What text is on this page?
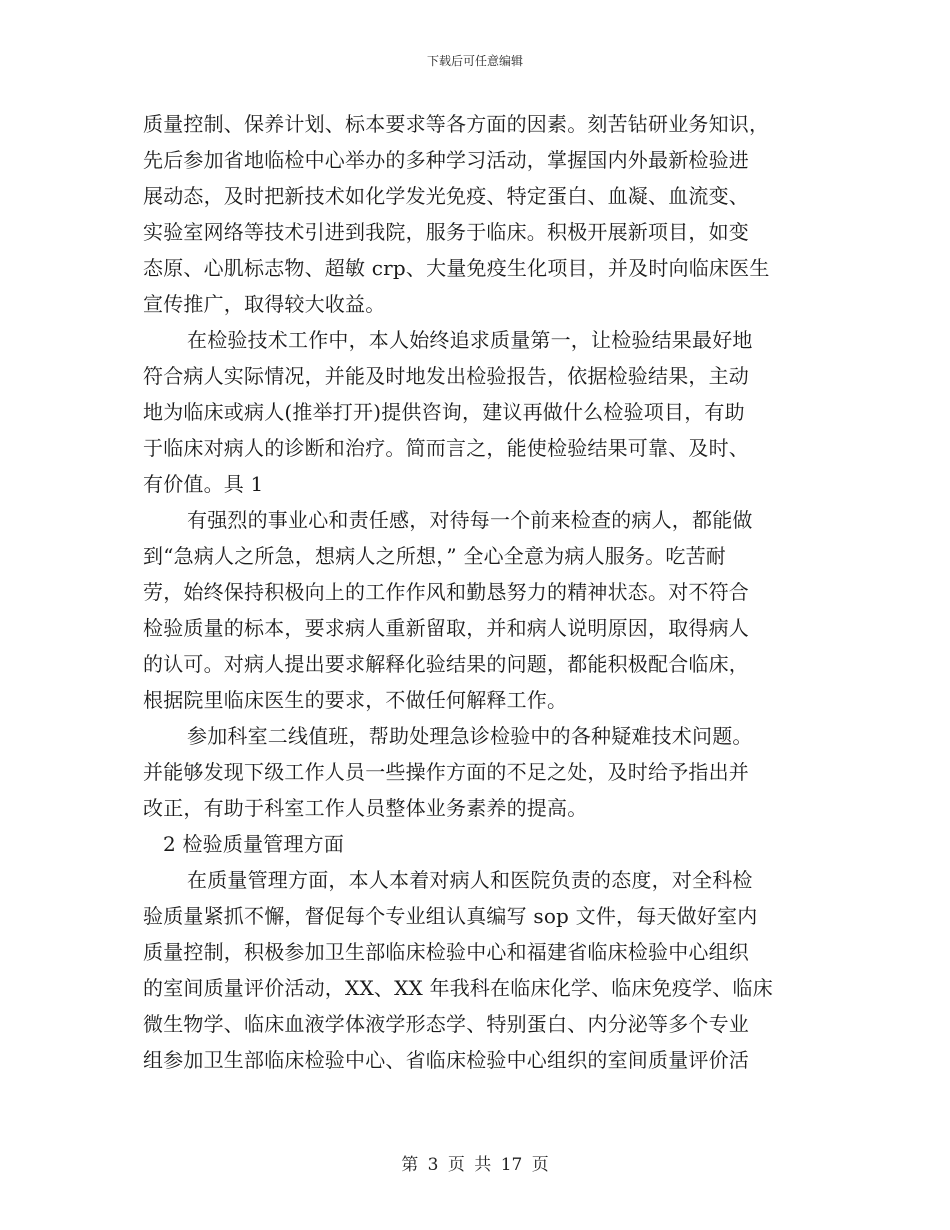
下载后可任意编辑
质量控制、保养计划、标本要求等各方面的因素。刻苦钻研业务知识，
先后参加省地临检中心举办的多种学习活动，掌握国内外最新检验进
展动态，及时把新技术如化学发光免疫、特定蛋白、血凝、血流变、
实验室网络等技术引进到我院，服务于临床。积极开展新项目，如变
态原、心肌标志物、超敏 crp、大量免疫生化项目，并及时向临床医生
宣传推广，取得较大收益。
在检验技术工作中，本人始终追求质量第一，让检验结果最好地
符合病人实际情况，并能及时地发出检验报告，依据检验结果，主动
地为临床或病人(推举打开)提供咨询，建议再做什么检验项目，有助
于临床对病人的诊断和治疗。简而言之，能使检验结果可靠、及时、
有价值。具 1
有强烈的事业心和责任感，对待每一个前来检查的病人，都能做
到“急病人之所急，想病人之所想，” 全心全意为病人服务。吃苦耐
劳，始终保持积极向上的工作作风和勤恳努力的精神状态。对不符合
检验质量的标本，要求病人重新留取，并和病人说明原因，取得病人
的认可。对病人提出要求解释化验结果的问题，都能积极配合临床，
根据院里临床医生的要求，不做任何解释工作。
参加科室二线值班，帮助处理急诊检验中的各种疑难技术问题。
并能够发现下级工作人员一些操作方面的不足之处，及时给予指出并
改正，有助于科室工作人员整体业务素养的提高。
2 检验质量管理方面
在质量管理方面，本人本着对病人和医院负责的态度，对全科检
验质量紧抓不懈，督促每个专业组认真编写 sop 文件，每天做好室内
质量控制，积极参加卫生部临床检验中心和福建省临床检验中心组织
的室间质量评价活动，XX、XX 年我科在临床化学、临床免疫学、临床
微生物学、临床血液学体液学形态学、特别蛋白、内分泌等多个专业
组参加卫生部临床检验中心、省临床检验中心组织的室间质量评价活
第 3 页 共 17 页
